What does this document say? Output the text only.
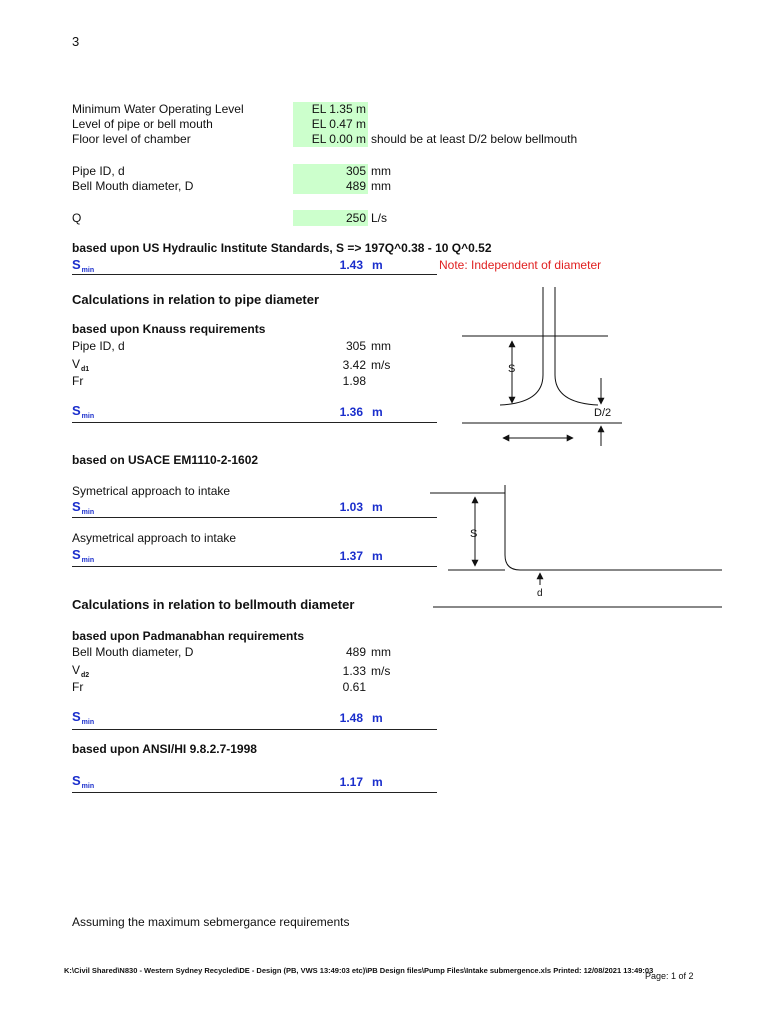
3
Minimum Water Operating Level	EL 1.35 m
Level of pipe or bell mouth	EL 0.47 m
Floor level of chamber	EL 0.00 m should be at least D/2 below bellmouth
Pipe ID, d	305 mm
Bell Mouth diameter, D	489 mm
Q	250 L/s
based upon US Hydraulic Institute Standards, S => 197Q^0.38 - 10 Q^0.52
$S_{min}$	1.43 m	Note: Independent of diameter
Calculations in relation to pipe diameter
based upon Knauss requirements
Pipe ID, d	305 mm
$V_{d1}$	3.42 m/s
Fr	1.98
$S_{min}$	1.36 m
based on USACE EM1110-2-1602
Symetrical approach to intake
$S_{min}$	1.03 m
Asymetrical approach to intake
$S_{min}$	1.37 m
Calculations in relation to bellmouth diameter
based upon Padmanabhan requirements
Bell Mouth diameter, D	489 mm
$V_{d2}$	1.33 m/s
Fr	0.61
$S_{min}$	1.48 m
based upon ANSI/HI 9.8.2.7-1998
$S_{min}$	1.17 m
Assuming the maximum sebmergance requirements
S
D/2
S
d
K:\Civil Shared\N830 - Western Sydney Recycled\DE - Design (PB, VWS 13:49:03 etc)\PB Design files\Pump Files\Intake submergence.xls Printed: 12/08/2021 13:49:03
Page: 1 of 2
